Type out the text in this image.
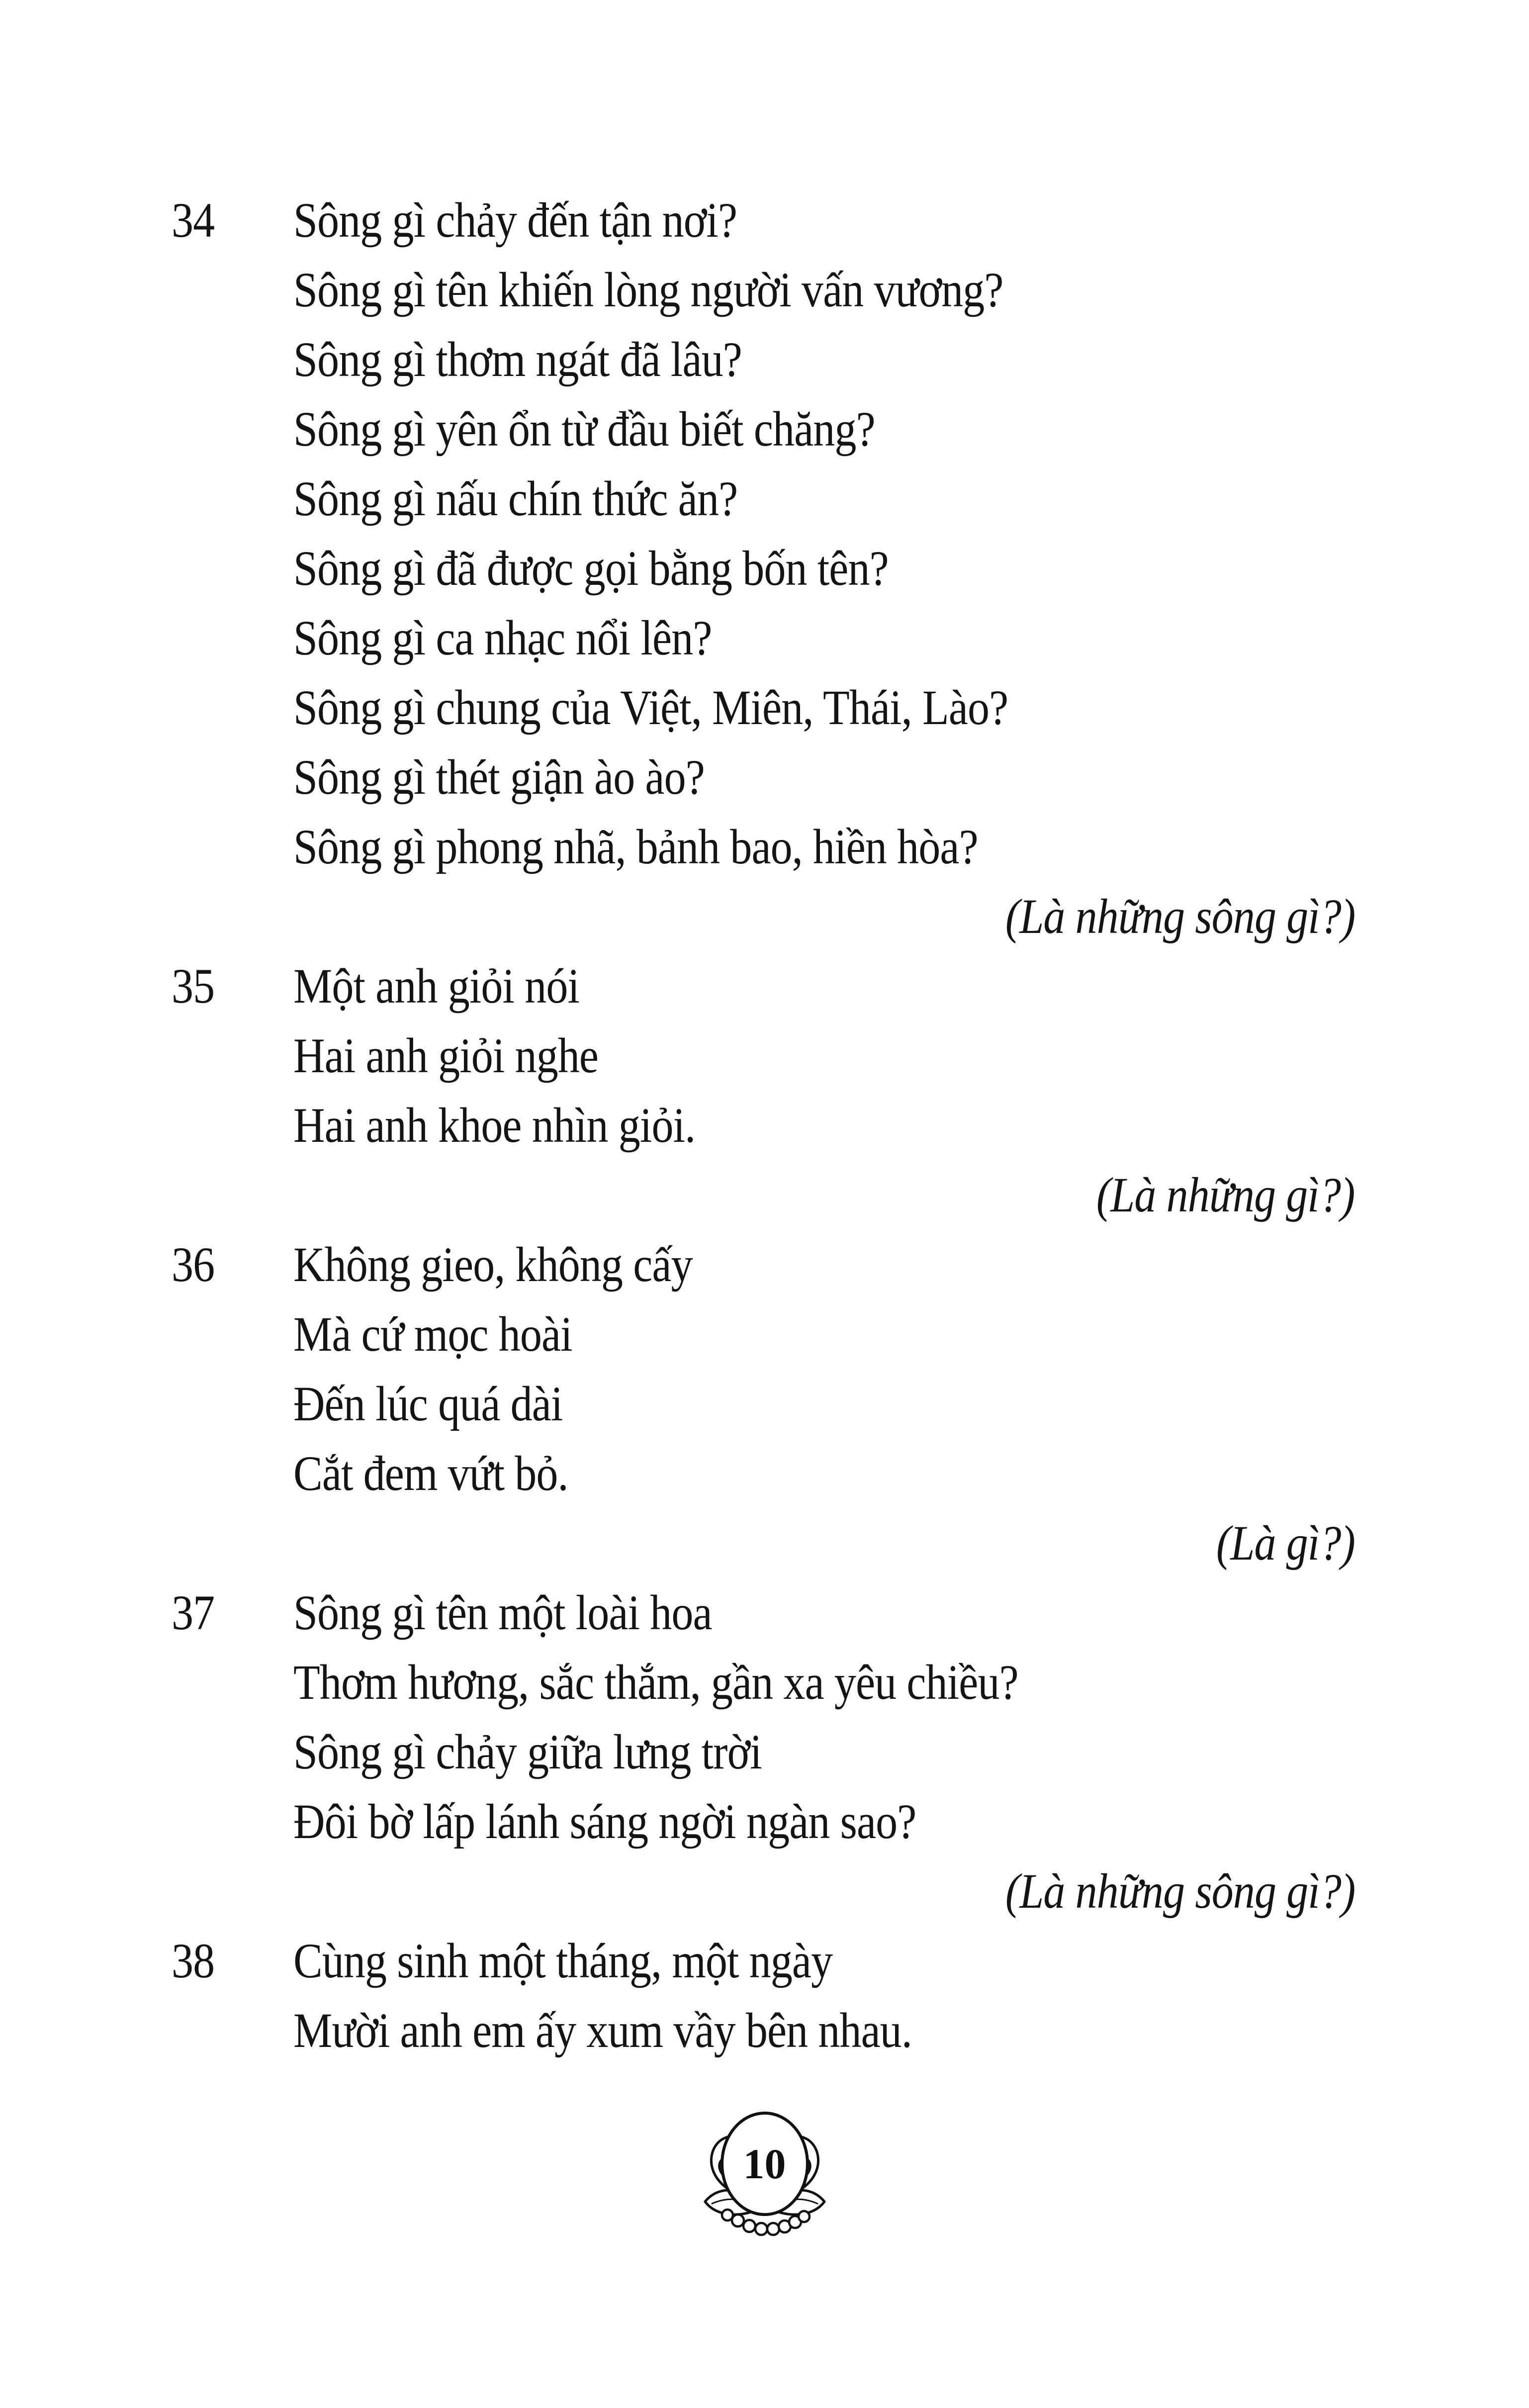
34	Sông gì chảy đến tận nơi?
Sông gì tên khiến lòng người vấn vương?
Sông gì thơm ngát đã lâu?
Sông gì yên ổn từ đầu biết chăng?
Sông gì nấu chín thức ăn?
Sông gì đã được gọi bằng bốn tên?
Sông gì ca nhạc nổi lên?
Sông gì chung của Việt, Miên, Thái, Lào?
Sông gì thét giận ào ào?
Sông gì phong nhã, bảnh bao, hiền hòa?
(Là những sông gì?)
35	Một anh giỏi nói
Hai anh giỏi nghe
Hai anh khoe nhìn giỏi.
(Là những gì?)
36	Không gieo, không cấy
Mà cứ mọc hoài
Đến lúc quá dài
Cắt đem vứt bỏ.
(Là gì?)
37	Sông gì tên một loài hoa
Thơm hương, sắc thắm, gần xa yêu chiều?
Sông gì chảy giữa lưng trời
Đôi bờ lấp lánh sáng ngời ngàn sao?
(Là những sông gì?)
38	Cùng sinh một tháng, một ngày
Mười anh em ấy xum vầy bên nhau.
10
